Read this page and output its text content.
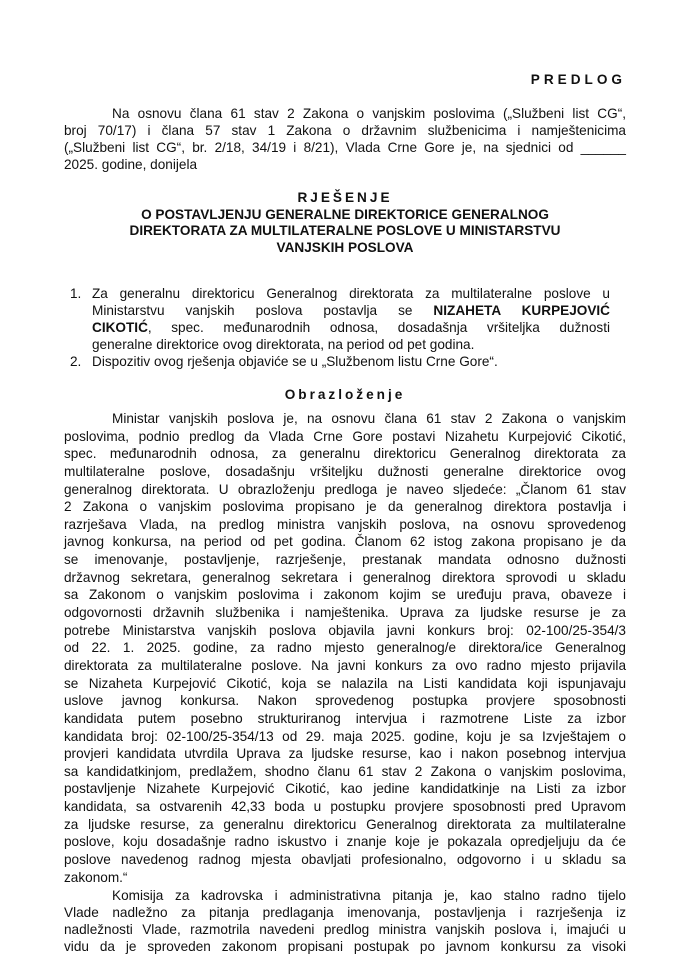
PREDLOG
Na osnovu člana 61 stav 2 Zakona o vanjskim poslovima („Službeni list CG“,
broj 70/17) i člana 57 stav 1 Zakona o državnim službenicima i namještenicima
(„Službeni list CG“, br. 2/18, 34/19 i 8/21), Vlada Crne Gore je, na sjednici od ______
2025. godine, donijela
RJEŠENJE
O POSTAVLJENJU GENERALNE DIREKTORICE GENERALNOG
DIREKTORATA ZA MULTILATERALNE POSLOVE U MINISTARSTVU
VANJSKIH POSLOVA
1. Za generalnu direktoricu Generalnog direktorata za multilateralne poslove u
Ministarstvu vanjskih poslova postavlja se NIZAHETA KURPEJOVIĆ
CIKOTIĆ, spec. međunarodnih odnosa, dosadašnja vršiteljka dužnosti
generalne direktorice ovog direktorata, na period od pet godina.
2. Dispozitiv ovog rješenja objaviće se u „Službenom listu Crne Gore“.
Obrazloženje
Ministar vanjskih poslova je, na osnovu člana 61 stav 2 Zakona o vanjskim
poslovima, podnio predlog da Vlada Crne Gore postavi Nizahetu Kurpejović Cikotić,
spec. međunarodnih odnosa, za generalnu direktoricu Generalnog direktorata za
multilateralne poslove, dosadašnju vršiteljku dužnosti generalne direktorice ovog
generalnog direktorata. U obrazloženju predloga je naveo sljedeće: „Članom 61 stav
2 Zakona o vanjskim poslovima propisano je da generalnog direktora postavlja i
razrješava Vlada, na predlog ministra vanjskih poslova, na osnovu sprovedenog
javnog konkursa, na period od pet godina. Članom 62 istog zakona propisano je da
se imenovanje, postavljenje, razrješenje, prestanak mandata odnosno dužnosti
državnog sekretara, generalnog sekretara i generalnog direktora sprovodi u skladu
sa Zakonom o vanjskim poslovima i zakonom kojim se uređuju prava, obaveze i
odgovornosti državnih službenika i namještenika. Uprava za ljudske resurse je za
potrebe Ministarstva vanjskih poslova objavila javni konkurs broj: 02-100/25-354/3
od 22. 1. 2025. godine, za radno mjesto generalnog/e direktora/ice Generalnog
direktorata za multilateralne poslove. Na javni konkurs za ovo radno mjesto prijavila
se Nizaheta Kurpejović Cikotić, koja se nalazila na Listi kandidata koji ispunjavaju
uslove javnog konkursa. Nakon sprovedenog postupka provjere sposobnosti
kandidata putem posebno strukturiranog intervjua i razmotrene Liste za izbor
kandidata broj: 02-100/25-354/13 od 29. maja 2025. godine, koju je sa Izvještajem o
provjeri kandidata utvrdila Uprava za ljudske resurse, kao i nakon posebnog intervjua
sa kandidatkinjom, predlažem, shodno članu 61 stav 2 Zakona o vanjskim poslovima,
postavljenje Nizahete Kurpejović Cikotić, kao jedine kandidatkinje na Listi za izbor
kandidata, sa ostvarenih 42,33 boda u postupku provjere sposobnosti pred Upravom
za ljudske resurse, za generalnu direktoricu Generalnog direktorata za multilateralne
poslove, koju dosadašnje radno iskustvo i znanje koje je pokazala opredjeljuju da će
poslove navedenog radnog mjesta obavljati profesionalno, odgovorno i u skladu sa
zakonom.“
Komisija za kadrovska i administrativna pitanja je, kao stalno radno tijelo
Vlade nadležno za pitanja predlaganja imenovanja, postavljenja i razrješenja iz
nadležnosti Vlade, razmotrila navedeni predlog ministra vanjskih poslova i, imajući u
vidu da je sproveden zakonom propisani postupak po javnom konkursu za visoki
